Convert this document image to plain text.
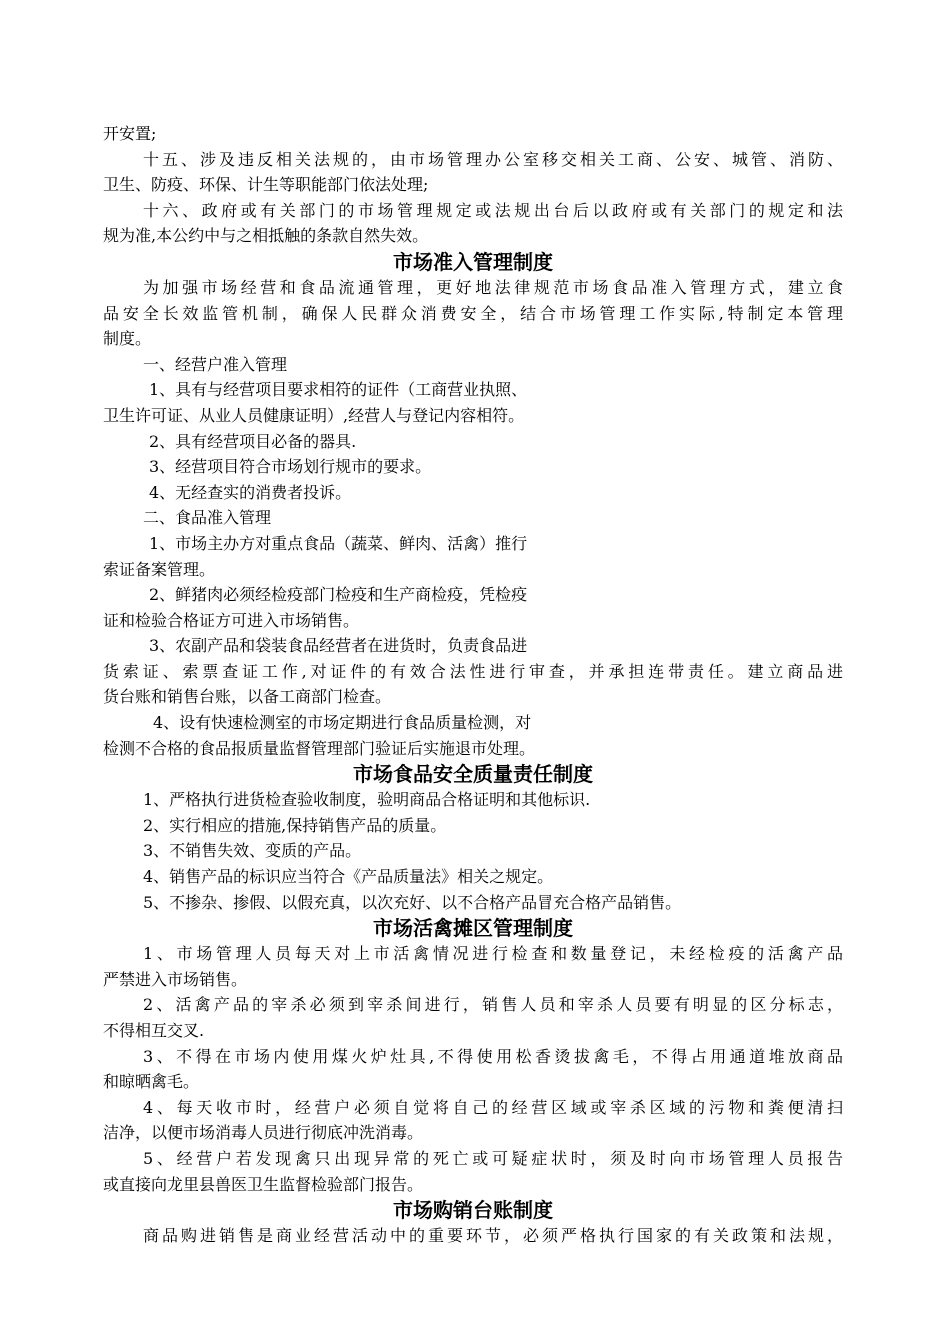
开安置;
十五、涉及违反相关法规的，由市场管理办公室移交相关工商、公安、城管、消防、
卫生、防疫、环保、计生等职能部门依法处理;
十六、政府或有关部门的市场管理规定或法规出台后以政府或有关部门的规定和法
规为准,本公约中与之相抵触的条款自然失效。
市场准入管理制度
为加强市场经营和食品流通管理，更好地法律规范市场食品准入管理方式，建立食
品安全长效监管机制，确保人民群众消费安全，结合市场管理工作实际,特制定本管理
制度。
一、经营户准入管理
1、具有与经营项目要求相符的证件（工商营业执照、
卫生许可证、从业人员健康证明）,经营人与登记内容相符。
2、具有经营项目必备的器具.
3、经营项目符合市场划行规市的要求。
4、无经查实的消费者投诉。
二、食品准入管理
1、市场主办方对重点食品（蔬菜、鲜肉、活禽）推行
索证备案管理。
2、鲜猪肉必须经检疫部门检疫和生产商检疫，凭检疫
证和检验合格证方可进入市场销售。
3、农副产品和袋装食品经营者在进货时，负责食品进
货索证、索票查证工作,对证件的有效合法性进行审查，并承担连带责任。建立商品进
货台账和销售台账，以备工商部门检查。
4、设有快速检测室的市场定期进行食品质量检测，对
检测不合格的食品报质量监督管理部门验证后实施退市处理。
市场食品安全质量责任制度
1、严格执行进货检查验收制度，验明商品合格证明和其他标识.
2、实行相应的措施,保持销售产品的质量。
3、不销售失效、变质的产品。
4、销售产品的标识应当符合《产品质量法》相关之规定。
5、不掺杂、掺假、以假充真，以次充好、以不合格产品冒充合格产品销售。
市场活禽摊区管理制度
1、市场管理人员每天对上市活禽情况进行检查和数量登记，未经检疫的活禽产品
严禁进入市场销售。
2、活禽产品的宰杀必须到宰杀间进行，销售人员和宰杀人员要有明显的区分标志，
不得相互交叉.
3、不得在市场内使用煤火炉灶具,不得使用松香烫拔禽毛，不得占用通道堆放商品
和晾晒禽毛。
4、每天收市时，经营户必须自觉将自己的经营区域或宰杀区域的污物和粪便清扫
洁净，以便市场消毒人员进行彻底冲洗消毒。
5、经营户若发现禽只出现异常的死亡或可疑症状时，须及时向市场管理人员报告
或直接向龙里县兽医卫生监督检验部门报告。
市场购销台账制度
商品购进销售是商业经营活动中的重要环节，必须严格执行国家的有关政策和法规，
